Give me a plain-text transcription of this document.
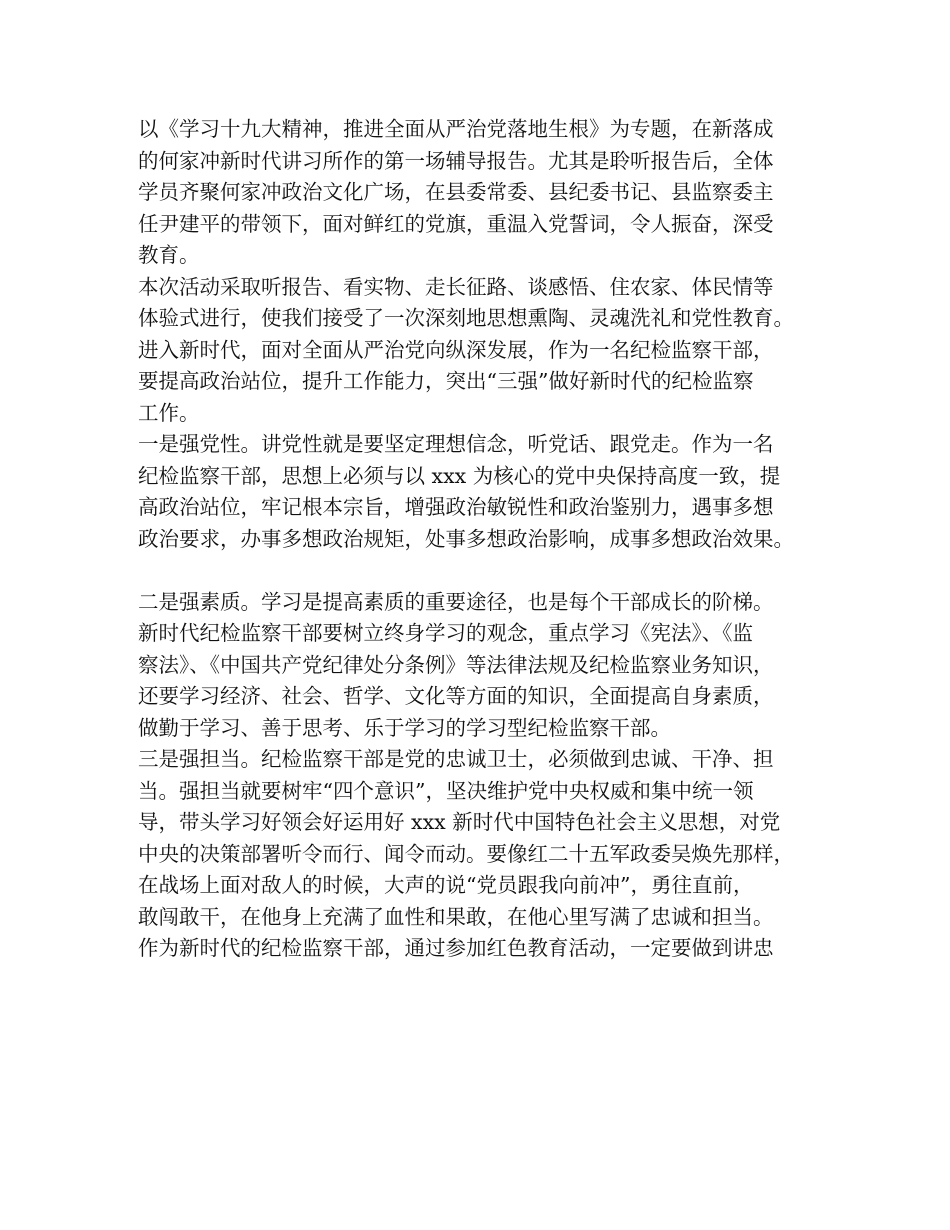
以《学习十九大精神，推进全面从严治党落地生根》为专题，在新落成
的何家冲新时代讲习所作的第一场辅导报告。尤其是聆听报告后，全体
学员齐聚何家冲政治文化广场，在县委常委、县纪委书记、县监察委主
任尹建平的带领下，面对鲜红的党旗，重温入党誓词，令人振奋，深受
教育。
本次活动采取听报告、看实物、走长征路、谈感悟、住农家、体民情等
体验式进行，使我们接受了一次深刻地思想熏陶、灵魂洗礼和党性教育。
进入新时代，面对全面从严治党向纵深发展，作为一名纪检监察干部，
要提高政治站位，提升工作能力，突出“三强”做好新时代的纪检监察
工作。
一是强党性。讲党性就是要坚定理想信念，听党话、跟党走。作为一名
纪检监察干部，思想上必须与以 xxx 为核心的党中央保持高度一致，提
高政治站位，牢记根本宗旨，增强政治敏锐性和政治鉴别力，遇事多想
政治要求，办事多想政治规矩，处事多想政治影响，成事多想政治效果。
二是强素质。学习是提高素质的重要途径，也是每个干部成长的阶梯。
新时代纪检监察干部要树立终身学习的观念，重点学习《宪法》、《监
察法》、《中国共产党纪律处分条例》等法律法规及纪检监察业务知识，
还要学习经济、社会、哲学、文化等方面的知识，全面提高自身素质，
做勤于学习、善于思考、乐于学习的学习型纪检监察干部。
三是强担当。纪检监察干部是党的忠诚卫士，必须做到忠诚、干净、担
当。强担当就要树牢“四个意识”，坚决维护党中央权威和集中统一领
导，带头学习好领会好运用好 xxx 新时代中国特色社会主义思想，对党
中央的决策部署听令而行、闻令而动。要像红二十五军政委吴焕先那样，
在战场上面对敌人的时候，大声的说“党员跟我向前冲”，勇往直前，
敢闯敢干，在他身上充满了血性和果敢，在他心里写满了忠诚和担当。
作为新时代的纪检监察干部，通过参加红色教育活动，一定要做到讲忠
